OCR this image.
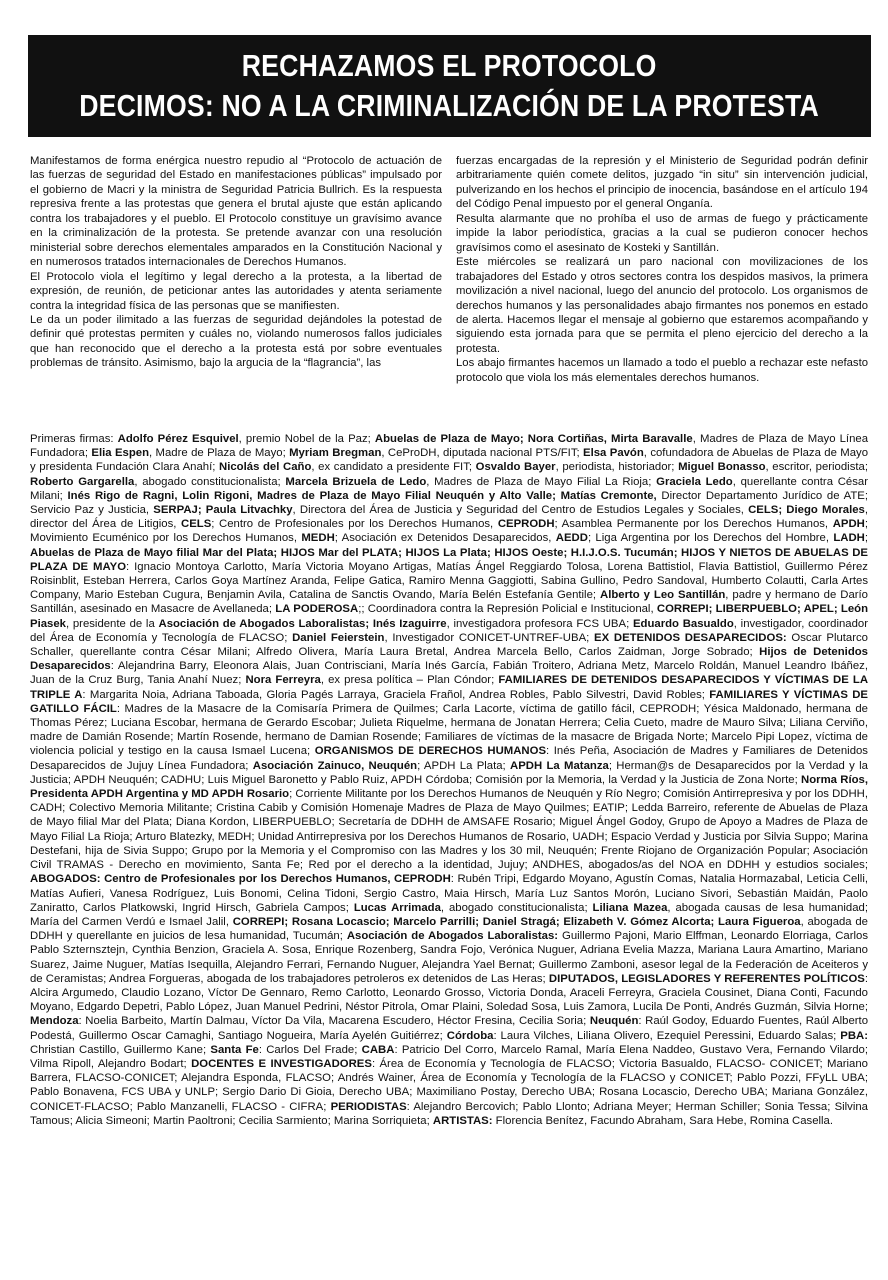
RECHAZAMOS EL PROTOCOLO
DECIMOS: NO A LA CRIMINALIZACIÓN DE LA PROTESTA

Manifestamos de forma enérgica nuestro repudio al “Protocolo de actuación de las fuerzas de seguridad del Estado en manifestaciones públicas” impulsado por el gobierno de Macri y la ministra de Seguridad Patricia Bullrich. Es la respuesta represiva frente a las protestas que genera el brutal ajuste que están aplicando contra los trabajadores y el pueblo. El Protocolo constituye un gravísimo avance en la criminalización de la protesta. Se pretende avanzar con una resolución ministerial sobre derechos elementales amparados en la Constitución Nacional y en numerosos tratados internacionales de Derechos Humanos.

El Protocolo viola el legítimo y legal derecho a la protesta, a la libertad de expresión, de reunión, de peticionar antes las autoridades y atenta seriamente contra la integridad física de las personas que se manifiesten.

Le da un poder ilimitado a las fuerzas de seguridad dejándoles la potestad de definir qué protestas permiten y cuáles no, violando numerosos fallos judiciales que han reconocido que el derecho a la protesta está por sobre eventuales problemas de tránsito. Asimismo, bajo la argucia de la “flagrancia”, las

fuerzas encargadas de la represión y el Ministerio de Seguridad podrán definir arbitrariamente quién comete delitos, juzgado “in situ” sin intervención judicial, pulverizando en los hechos el principio de inocencia, basándose en el artículo 194 del Código Penal impuesto por el general Onganía.

Resulta alarmante que no prohíba el uso de armas de fuego y prácticamente impide la labor periodística, gracias a la cual se pudieron conocer hechos gravísimos como el asesinato de Kosteki y Santillán.

Este miércoles se realizará un paro nacional con movilizaciones de los trabajadores del Estado y otros sectores contra los despidos masivos, la primera movilización a nivel nacional, luego del anuncio del protocolo. Los organismos de derechos humanos y las personalidades abajo firmantes nos ponemos en estado de alerta. Hacemos llegar el mensaje al gobierno que estaremos acompañando y siguiendo esta jornada para que se permita el pleno ejercicio del derecho a la protesta.

Los abajo firmantes hacemos un llamado a todo el pueblo a rechazar este nefasto protocolo que viola los más elementales derechos humanos.

Primeras firmas: Adolfo Pérez Esquivel, premio Nobel de la Paz; Abuelas de Plaza de Mayo; Nora Cortiñas, Mirta Baravalle, Madres de Plaza de Mayo Línea Fundadora; Elia Espen, Madre de Plaza de Mayo; Myriam Bregman, CeProDH, diputada nacional PTS/FIT; Elsa Pavón, cofundadora de Abuelas de Plaza de Mayo y presidenta Fundación Clara Anahí; Nicolás del Caño, ex candidato a presidente FIT; Osvaldo Bayer, periodista, historiador; Miguel Bonasso, escritor, periodista; Roberto Gargarella, abogado constitucionalista; Marcela Brizuela de Ledo, Madres de Plaza de Mayo Filial La Rioja; Graciela Ledo, querellante contra César Milani; Inés Rigo de Ragni, Lolin Rigoni, Madres de Plaza de Mayo Filial Neuquén y Alto Valle; Matías Cremonte, Director Departamento Jurídico de ATE; Servicio Paz y Justicia, SERPAJ; Paula Litvachky, Directora del Área de Justicia y Seguridad del Centro de Estudios Legales y Sociales, CELS; Diego Morales, director del Área de Litigios, CELS; Centro de Profesionales por los Derechos Humanos, CEPRODH; Asamblea Permanente por los Derechos Humanos, APDH; Movimiento Ecuménico por los Derechos Humanos, MEDH; Asociación ex Detenidos Desaparecidos, AEDD; Liga Argentina por los Derechos del Hombre, LADH; Abuelas de Plaza de Mayo filial Mar del Plata; HIJOS Mar del PLATA; HIJOS La Plata; HIJOS Oeste; H.I.J.O.S. Tucumán; HIJOS Y NIETOS DE ABUELAS DE PLAZA DE MAYO: Ignacio Montoya Carlotto, María Victoria Moyano Artigas, Matías Ángel Reggiardo Tolosa, Lorena Battistiol, Flavia Battistiol, Guillermo Pérez Roisinblit, Esteban Herrera, Carlos Goya Martínez Aranda, Felipe Gatica, Ramiro Menna Gaggiotti, Sabina Gullino, Pedro Sandoval, Humberto Colautti, Carla Artes Company, Mario Esteban Cugura, Benjamin Avila, Catalina de Sanctis Ovando, María Belén Estefanía Gentile; Alberto y Leo Santillán, padre y hermano de Darío Santillán, asesinado en Masacre de Avellaneda; LA PODEROSA;; Coordinadora contra la Represión Policial e Institucional, CORREPI; LIBERPUEBLO; APEL; León Piasek, presidente de la Asociación de Abogados Laboralistas; Inés Izaguirre, investigadora profesora FCS UBA; Eduardo Basualdo, investigador, coordinador del Área de Economía y Tecnología de FLACSO; Daniel Feierstein, Investigador CONICET-UNTREF-UBA; EX DETENIDOS DESAPARECIDOS: Oscar Plutarco Schaller, querellante contra César Milani; Alfredo Olivera, María Laura Bretal, Andrea Marcela Bello, Carlos Zaidman, Jorge Sobrado; Hijos de Detenidos Desaparecidos: Alejandrina Barry, Eleonora Alais, Juan Contrisciani, María Inés García, Fabián Troitero, Adriana Metz, Marcelo Roldán, Manuel Leandro Ibáñez, Juan de la Cruz Burg, Tania Anahí Nuez; Nora Ferreyra, ex presa política – Plan Cóndor; FAMILIARES DE DETENIDOS DESAPARECIDOS Y VÍCTIMAS DE LA TRIPLE A: Margarita Noia, Adriana Taboada, Gloria Pagés Larraya, Graciela Frañol, Andrea Robles, Pablo Silvestri, David Robles; FAMILIARES Y VÍCTIMAS DE GATILLO FÁCIL: Madres de la Masacre de la Comisaría Primera de Quilmes; Carla Lacorte, víctima de gatillo fácil, CEPRODH; Yésica Maldonado, hermana de Thomas Pérez; Luciana Escobar, hermana de Gerardo Escobar; Julieta Riquelme, hermana de Jonatan Herrera; Celia Cueto, madre de Mauro Silva; Liliana Cerviño, madre de Damián Rosende; Martín Rosende, hermano de Damian Rosende; Familiares de víctimas de la masacre de Brigada Norte; Marcelo Pipi Lopez, víctima de violencia policial y testigo en la causa Ismael Lucena; ORGANISMOS DE DERECHOS HUMANOS: Inés Peña, Asociación de Madres y Familiares de Detenidos Desaparecidos de Jujuy Línea Fundadora; Asociación Zainuco, Neuquén; APDH La Plata; APDH La Matanza; Herman@s de Desaparecidos por la Verdad y la Justicia; APDH Neuquén; CADHU; Luis Miguel Baronetto y Pablo Ruiz, APDH Córdoba; Comisión por la Memoria, la Verdad y la Justicia de Zona Norte; Norma Ríos, Presidenta APDH Argentina y MD APDH Rosario; Corriente Militante por los Derechos Humanos de Neuquén y Río Negro; Comisión Antirrepresiva y por los DDHH, CADH; Colectivo Memoria Militante; Cristina Cabib y Comisión Homenaje Madres de Plaza de Mayo Quilmes; EATIP; Ledda Barreiro, referente de Abuelas de Plaza de Mayo filial Mar del Plata; Diana Kordon, LIBERPUEBLO; Secretaría de DDHH de AMSAFE Rosario; Miguel Ángel Godoy, Grupo de Apoyo a Madres de Plaza de Mayo Filial La Rioja; Arturo Blatezky, MEDH; Unidad Antirrepresiva por los Derechos Humanos de Rosario, UADH; Espacio Verdad y Justicia por Silvia Suppo; Marina Destefani, hija de Sivia Suppo; Grupo por la Memoria y el Compromiso con las Madres y los 30 mil, Neuquén; Frente Riojano de Organización Popular; Asociación Civil TRAMAS - Derecho en movimiento, Santa Fe; Red por el derecho a la identidad, Jujuy; ANDHES, abogados/as del NOA en DDHH y estudios sociales; ABOGADOS: Centro de Profesionales por los Derechos Humanos, CEPRODH: Rubén Tripi, Edgardo Moyano, Agustín Comas, Natalia Hormazabal, Leticia Celli, Matías Aufieri, Vanesa Rodríguez, Luis Bonomi, Celina Tidoni, Sergio Castro, Maia Hirsch, María Luz Santos Morón, Luciano Sivori, Sebastián Maidán, Paolo Zaniratto, Carlos Platkowski, Ingrid Hirsch, Gabriela Campos; Lucas Arrimada, abogado constitucionalista; Liliana Mazea, abogada causas de lesa humanidad; María del Carmen Verdú e Ismael Jalil, CORREPI; Rosana Locascio; Marcelo Parrilli; Daniel Stragá; Elizabeth V. Gómez Alcorta; Laura Figueroa, abogada de DDHH y querellante en juicios de lesa humanidad, Tucumán; Asociación de Abogados Laboralistas: Guillermo Pajoni, Mario Elffman, Leonardo Elorriaga, Carlos Pablo Szternsztejn, Cynthia Benzion, Graciela A. Sosa, Enrique Rozenberg, Sandra Fojo, Verónica Nuguer, Adriana Evelia Mazza, Mariana Laura Amartino, Mariano Suarez, Jaime Nuguer, Matías Isequilla, Alejandro Ferrari, Fernando Nuguer, Alejandra Yael Bernat; Guillermo Zamboni, asesor legal de la Federación de Aceiteros y de Ceramistas; Andrea Forgueras, abogada de los trabajadores petroleros ex detenidos de Las Heras; DIPUTADOS, LEGISLADORES Y REFERENTES POLÍTICOS: Alcira Argumedo, Claudio Lozano, Víctor De Gennaro, Remo Carlotto, Leonardo Grosso, Victoria Donda, Araceli Ferreyra, Graciela Cousinet, Diana Conti, Facundo Moyano, Edgardo Depetri, Pablo López, Juan Manuel Pedrini, Néstor Pitrola, Omar Plaini, Soledad Sosa, Luis Zamora, Lucila De Ponti, Andrés Guzmán, Silvia Horne; Mendoza: Noelia Barbeito, Martín Dalmau, Víctor Da Vila, Macarena Escudero, Héctor Fresina, Cecilia Soria; Neuquén: Raúl Godoy, Eduardo Fuentes, Raúl Alberto Podestá, Guillermo Oscar Camaghi, Santiago Nogueira, María Ayelén Guitiérrez; Córdoba: Laura Vilches, Liliana Olivero, Ezequiel Peressini, Eduardo Salas; PBA: Christian Castillo, Guillermo Kane; Santa Fe: Carlos Del Frade; CABA: Patricio Del Corro, Marcelo Ramal, María Elena Naddeo, Gustavo Vera, Fernando Vilardo; Vilma Ripoll, Alejandro Bodart; DOCENTES E INVESTIGADORES: Área de Economía y Tecnología de FLACSO; Victoria Basualdo, FLACSO- CONICET; Mariano Barrera, FLACSO-CONICET; Alejandra Esponda, FLACSO; Andrés Wainer, Área de Economía y Tecnología de la FLACSO y CONICET; Pablo Pozzi, FFyLL UBA; Pablo Bonavena, FCS UBA y UNLP; Sergio Dario Di Gioia, Derecho UBA; Maximiliano Postay, Derecho UBA; Rosana Locascio, Derecho UBA; Mariana González, CONICET-FLACSO; Pablo Manzanelli, FLACSO - CIFRA; PERIODISTAS: Alejandro Bercovich; Pablo Llonto; Adriana Meyer; Herman Schiller; Sonia Tessa; Silvina Tamous; Alicia Simeoni; Martin Paoltroni; Cecilia Sarmiento; Marina Sorriquieta; ARTISTAS: Florencia Benítez, Facundo Abraham, Sara Hebe, Romina Casella.
